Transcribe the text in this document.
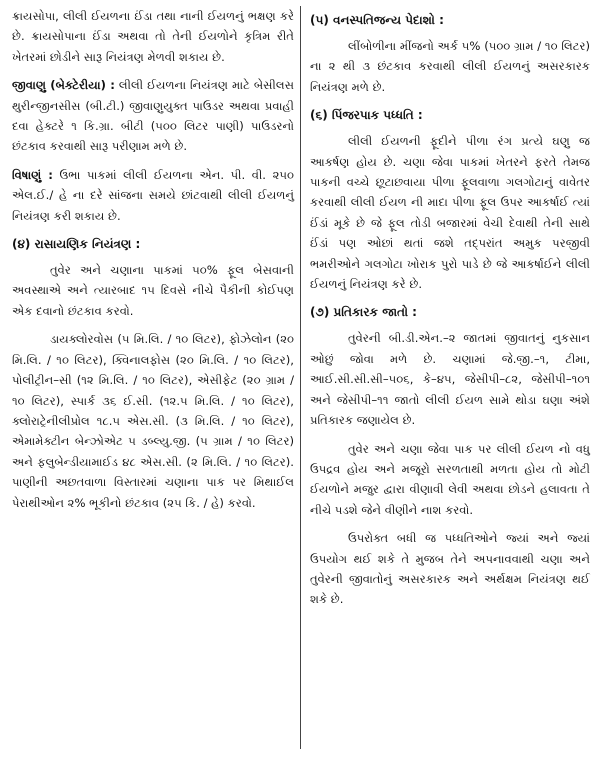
ક્રાયસોપા, લીલી ઈયળના ઈંડા તથા નાની ઈયળનું ભક્ષણ કરે છે. ક્રાયસોપાના ઈંડા અથવા તો તેની ઈયળોને કૃત્રિમ રીતે ખેતરમાં છોડીને સારૂ નિયંત્રણ મેળવી શકાય છે.

જીવાણુ (બેક્ટેરીયા) : લીલી ઈયળના નિયંત્રણ માટે બેસીલસ થુરીન્જીનસીસ (બી.ટી.) જીવાણુયુક્ત પાઉડર અથવા પ્રવાહી દવા હેક્ટરે ૧ કિ.ગ્રા. બીટી (૫૦૦ લિટર પાણી) પાઉડરનો છંટકાવ કરવાથી સારૂ પરીણામ મળે છે.

વિષાણું : ઉભા પાકમાં લીલી ઈયળના એન. પી. વી. ૨૫૦ એલ.ઈ./ હે ના દરે સાંજના સમયે છાંટવાથી લીલી ઈયળનું નિયંત્રણ કરી શકાય છે.

(૪) રાસાયણિક નિયંત્રણ :

તુવેર અને ચણાના પાકમાં ૫૦% ફૂલ બેસવાની અવસ્થાએ અને ત્યારબાદ ૧૫ દિવસે નીચે પૈકીની કોઈપણ એક દવાનો છંટકાવ કરવો.

ડાયક્લોરવોસ (૫ મિ.લિ. / ૧૦ લિટર), ફોઝેલોન (૨૦ મિ.લિ. / ૧૦ લિટર), ક્વિનાલફોસ (૨૦ મિ.લિ. / ૧૦ લિટર), પોલીટ્રીન–સી (૧૨ મિ.લિ. / ૧૦ લિટર), એસીફેટ (૨૦ ગ્રામ / ૧૦ લિટર), સ્પાર્ક ૩૬ ઈ.સી. (૧૨.૫ મિ.લિ. / ૧૦ લિટર), ક્લોરાટ્રેનીલીપ્રોલ ૧૮.૫ એસ.સી. (૩ મિ.લિ. / ૧૦ લિટર), એમામેક્ટીન બેન્ઝોએટ ૫ ડબ્લ્યુ.જી. (૫ ગ્રામ / ૧૦ લિટર) અને ફલુબેન્ડીયામાઈડ ૪૮ એસ.સી. (૨ મિ.લિ. / ૧૦ લિટર). પાણીની અછતવાળા વિસ્તારમાં ચણાના પાક પર મિથાઈલ પેરાથીઓન ૨% ભૂકીનો છંટકાવ (૨૫ કિ. / હે) કરવો.

(૫) વનસ્પતિજન્ય પેદાશો :

લીંબોળીના મીંજનો અર્ક ૫% (૫૦૦ ગ્રામ / ૧૦ લિટર) ના ૨ થી ૩ છંટકાવ કરવાથી લીલી ઈયળનું અસરકારક નિયંત્રણ મળે છે.

(૬) પિંજરપાક પધ્ધતિ :

લીલી ઈયળની ફૂદીને પીળા રંગ પ્રત્યે ઘણુ જ આકર્ષણ હોય છે. ચણા જેવા પાકમાં ખેતરને ફરતે તેમજ પાકની વચ્ચે છૂટાછવાયા પીળા ફૂલવાળા ગલગોટાનું વાવેતર કરવાથી લીલી ઈયળ ની માદા પીળા ફૂલ ઉપર આકર્ષાઈ ત્યાં ઈંડાં મૂકે છે જે ફૂલ તોડી બજારમાં વેચી દેવાથી તેની સાથે ઈંડાં પણ ઓછાં થતાં જશે તદ્પરાંત અમુક પરજીવી ભમરીઓને ગલગોટા ખોરાક પુરો પાડે છે જે આકર્ષાઈને લીલી ઈયળનું નિયંત્રણ કરે છે.

(૭) પ્રતિકારક જાતો :

તુવેરની બી.ડી.એન.–૨ જાતમાં જીવાતનું નુકસાન ઓછું જોવા મળે છે. ચણામાં જે.જી.–૧, ટીમા, આઈ.સી.સી.સી–૫૦૬, કે–૪૫, જેસીપી–૮૨, જેસીપી–૧૦૧ અને જેસીપી–૧૧ જાતો લીલી ઈયળ સામે થોડા ઘણા અંશે પ્રતિકારક જણાયેલ છે.

તુવેર અને ચણા જેવા પાક પર લીલી ઈયળ નો વધુ ઉપદ્રવ હોય અને મજૂરો સરળતાથી મળતા હોય તો મોટી ઈયળોને મજુર દ્વારા વીણાવી લેવી અથવા છોડને હલાવતા તે નીચે પડશે જેને વીણીને નાશ કરવો.

ઉપરોક્ત બધી જ પધ્ધતિઓને જ્યાં અને જ્યાં ઉપયોગ થઈ શકે તે મુજબ તેને અપનાવવાથી ચણા અને તુવેરની જીવાતોનું અસરકારક અને અર્થક્ષમ નિયંત્રણ થઈ શકે છે.
